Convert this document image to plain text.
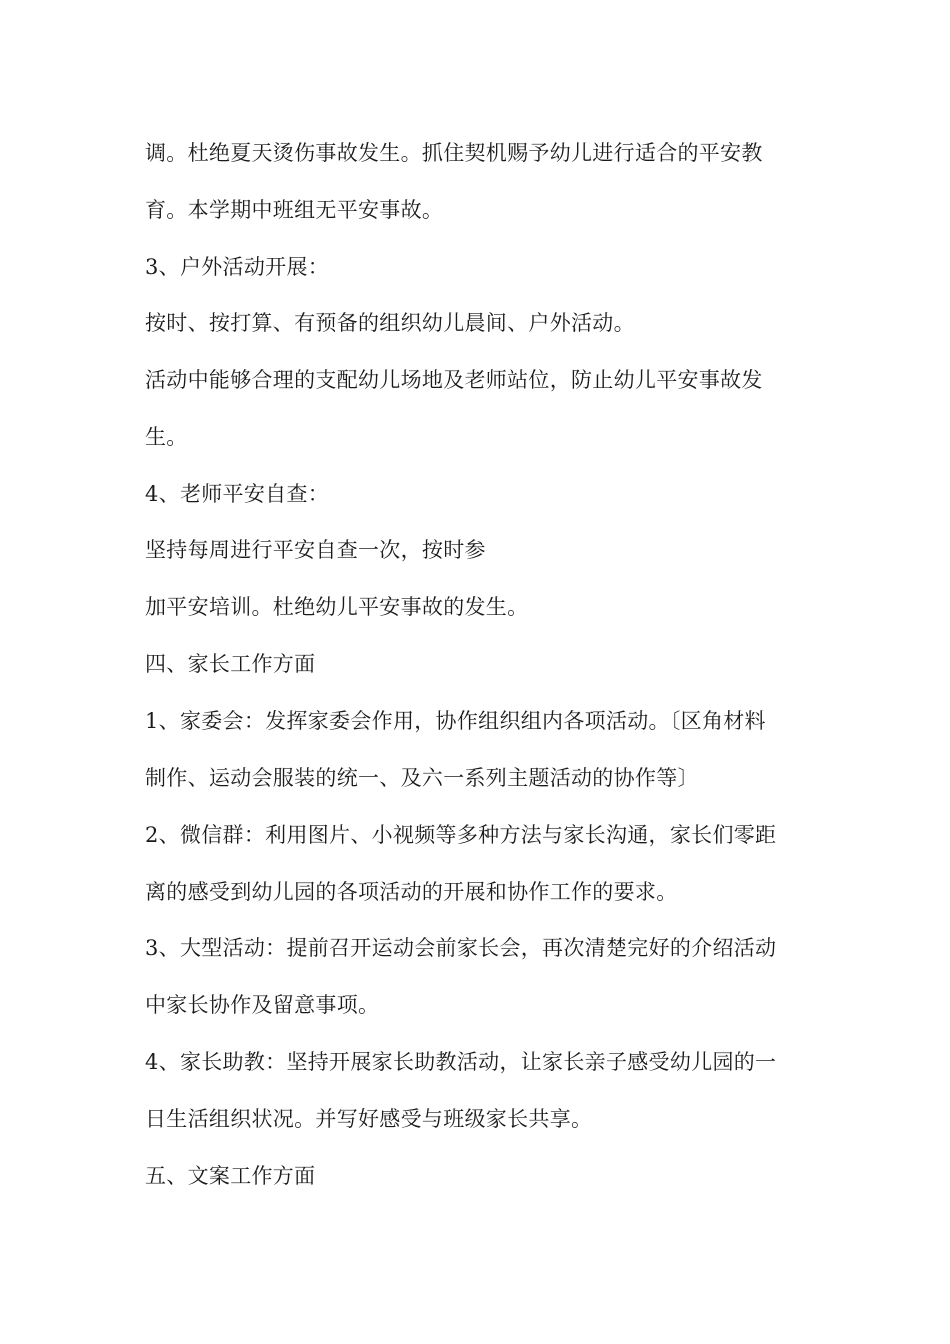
调。杜绝夏天烫伤事故发生。抓住契机赐予幼儿进行适合的平安教
育。本学期中班组无平安事故。
3、户外活动开展：
按时、按打算、有预备的组织幼儿晨间、户外活动。
活动中能够合理的支配幼儿场地及老师站位，防止幼儿平安事故发
生。
4、老师平安自查：
坚持每周进行平安自查一次，按时参
加平安培训。杜绝幼儿平安事故的发生。
四、家长工作方面
1、家委会：发挥家委会作用，协作组织组内各项活动。〔区角材料
制作、运动会服装的统一、及六一系列主题活动的协作等〕
2、微信群：利用图片、小视频等多种方法与家长沟通，家长们零距
离的感受到幼儿园的各项活动的开展和协作工作的要求。
3、大型活动：提前召开运动会前家长会，再次清楚完好的介绍活动
中家长协作及留意事项。
4、家长助教：坚持开展家长助教活动，让家长亲子感受幼儿园的一
日生活组织状况。并写好感受与班级家长共享。
五、文案工作方面
